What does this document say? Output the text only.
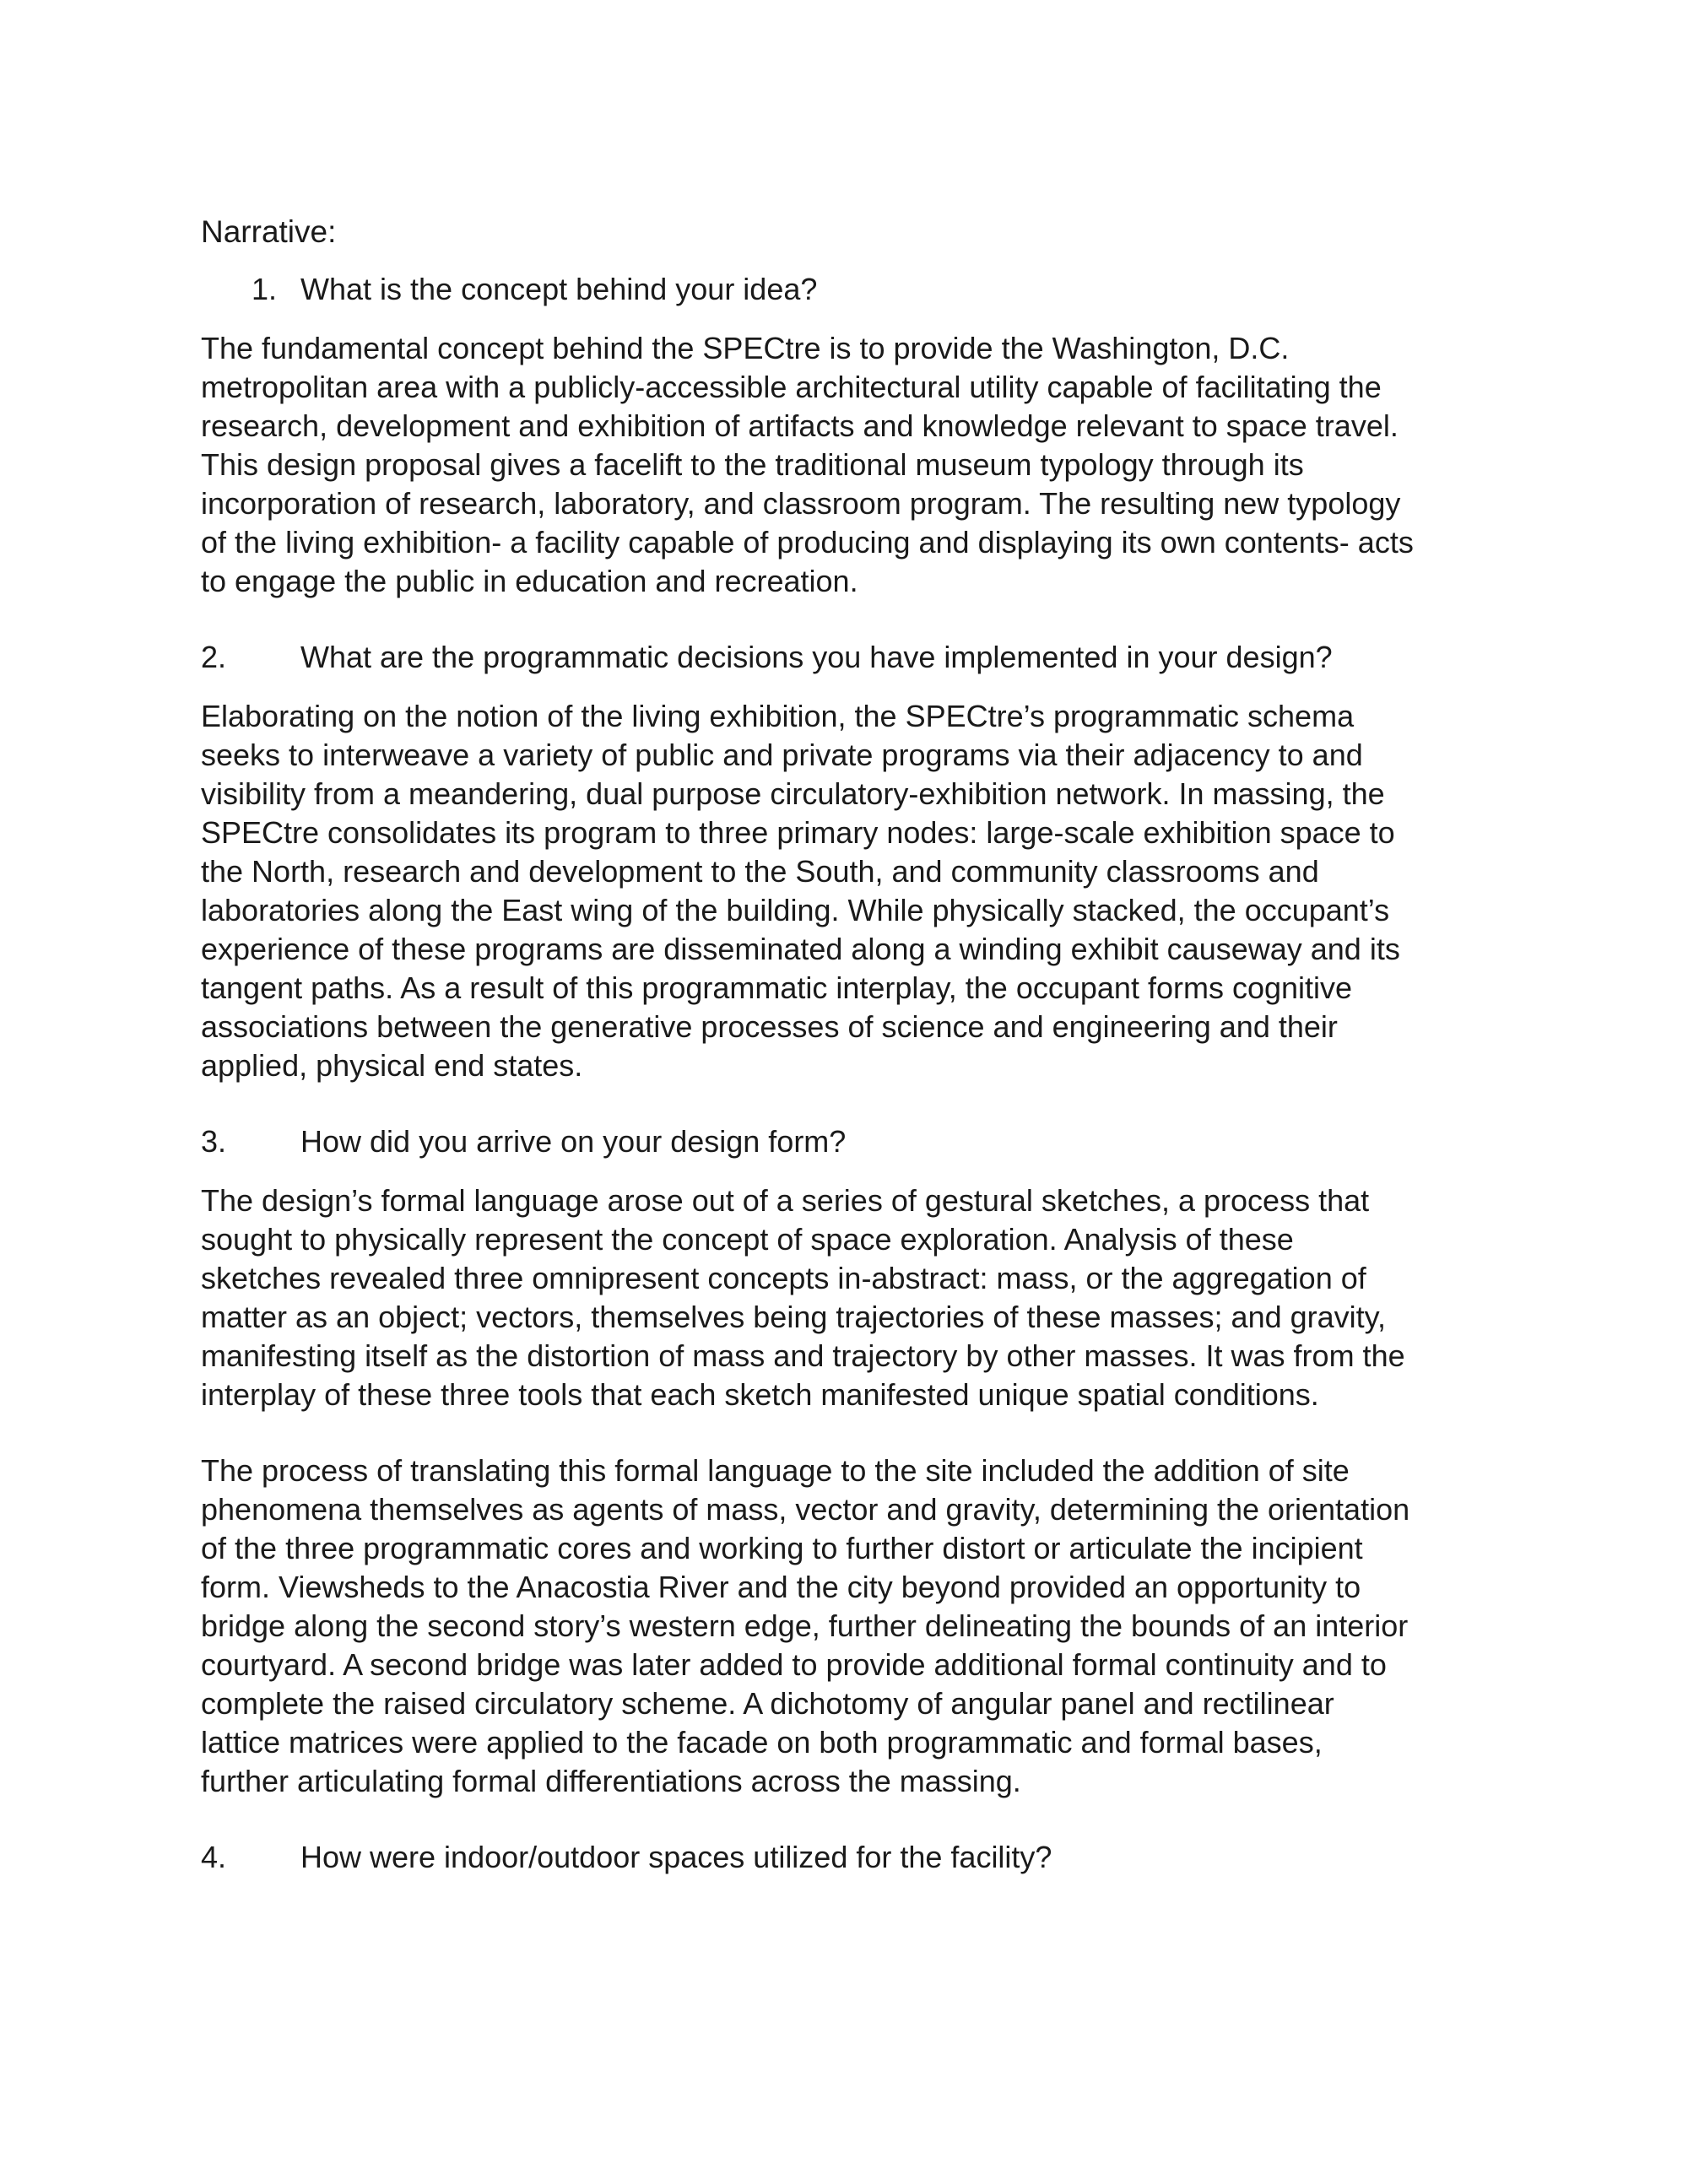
Narrative:
1. What is the concept behind your idea?
The fundamental concept behind the SPECtre is to provide the Washington, D.C.
metropolitan area with a publicly-accessible architectural utility capable of facilitating the
research, development and exhibition of artifacts and knowledge relevant to space travel.
This design proposal gives a facelift to the traditional museum typology through its
incorporation of research, laboratory, and classroom program. The resulting new typology
of the living exhibition- a facility capable of producing and displaying its own contents- acts
to engage the public in education and recreation.
2.	What are the programmatic decisions you have implemented in your design?
Elaborating on the notion of the living exhibition, the SPECtre’s programmatic schema
seeks to interweave a variety of public and private programs via their adjacency to and
visibility from a meandering, dual purpose circulatory-exhibition network. In massing, the
SPECtre consolidates its program to three primary nodes: large-scale exhibition space to
the North, research and development to the South, and community classrooms and
laboratories along the East wing of the building. While physically stacked, the occupant’s
experience of these programs are disseminated along a winding exhibit causeway and its
tangent paths. As a result of this programmatic interplay, the occupant forms cognitive
associations between the generative processes of science and engineering and their
applied, physical end states.
3.	How did you arrive on your design form?
The design’s formal language arose out of a series of gestural sketches, a process that
sought to physically represent the concept of space exploration. Analysis of these
sketches revealed three omnipresent concepts in-abstract: mass, or the aggregation of
matter as an object; vectors, themselves being trajectories of these masses; and gravity,
manifesting itself as the distortion of mass and trajectory by other masses. It was from the
interplay of these three tools that each sketch manifested unique spatial conditions.
The process of translating this formal language to the site included the addition of site
phenomena themselves as agents of mass, vector and gravity, determining the orientation
of the three programmatic cores and working to further distort or articulate the incipient
form. Viewsheds to the Anacostia River and the city beyond provided an opportunity to
bridge along the second story’s western edge, further delineating the bounds of an interior
courtyard. A second bridge was later added to provide additional formal continuity and to
complete the raised circulatory scheme. A dichotomy of angular panel and rectilinear
lattice matrices were applied to the facade on both programmatic and formal bases,
further articulating formal differentiations across the massing.
4.	How were indoor/outdoor spaces utilized for the facility?
